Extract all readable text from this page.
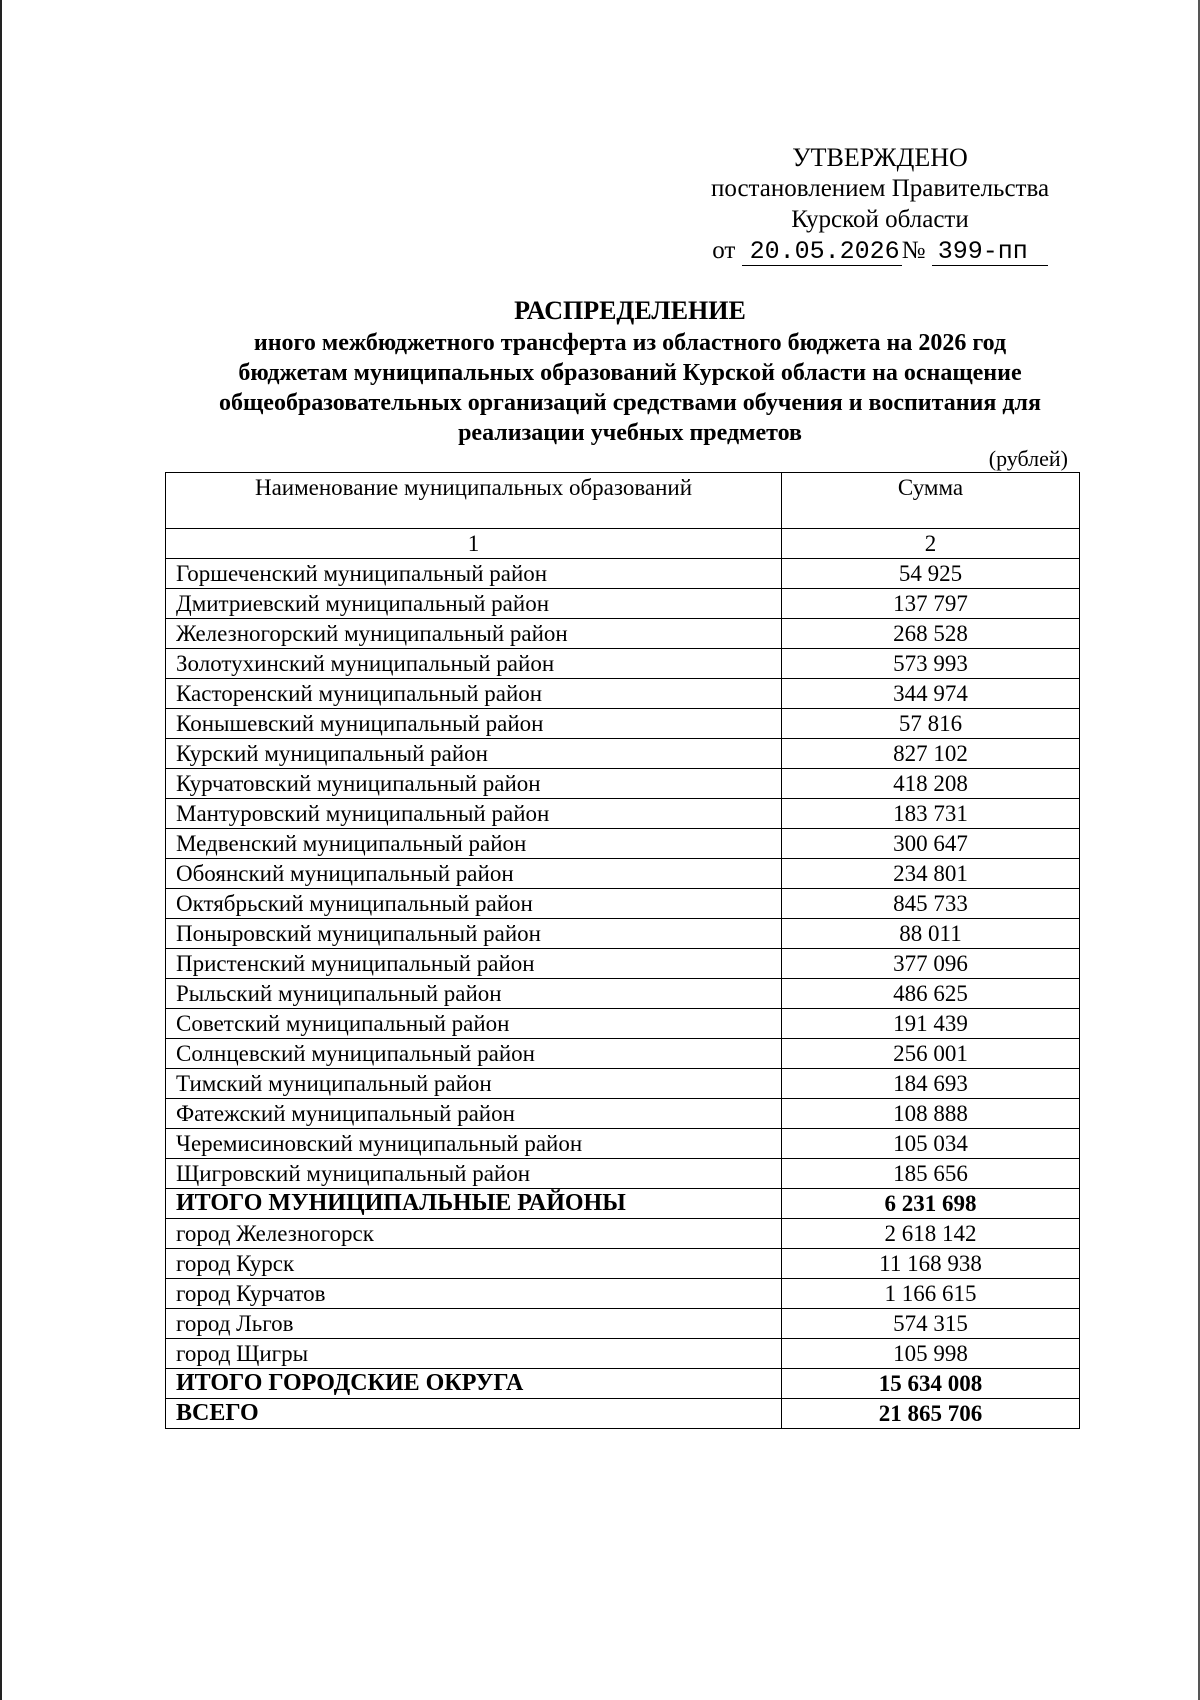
УТВЕРЖДЕНО
постановлением Правительства
Курской области
от 20.05.2026№ 399-пп
РАСПРЕДЕЛЕНИЕ
иного межбюджетного трансферта из областного бюджета на 2026 год
бюджетам муниципальных образований Курской области на оснащение
общеобразовательных организаций средствами обучения и воспитания для
реализации учебных предметов
(рублей)
Наименование муниципальных образований	Сумма
1	2
Горшеченский муниципальный район	54 925
Дмитриевский муниципальный район	137 797
Железногорский муниципальный район	268 528
Золотухинский муниципальный район	573 993
Касторенский муниципальный район	344 974
Конышевский муниципальный район	57 816
Курский муниципальный район	827 102
Курчатовский муниципальный район	418 208
Мантуровский муниципальный район	183 731
Медвенский муниципальный район	300 647
Обоянский муниципальный район	234 801
Октябрьский муниципальный район	845 733
Поныровский муниципальный район	88 011
Пристенский муниципальный район	377 096
Рыльский муниципальный район	486 625
Советский муниципальный район	191 439
Солнцевский муниципальный район	256 001
Тимский муниципальный район	184 693
Фатежский муниципальный район	108 888
Черемисиновский муниципальный район	105 034
Щигровский муниципальный район	185 656
ИТОГО МУНИЦИПАЛЬНЫЕ РАЙОНЫ	6 231 698
город Железногорск	2 618 142
город Курск	11 168 938
город Курчатов	1 166 615
город Льгов	574 315
город Щигры	105 998
ИТОГО ГОРОДСКИЕ ОКРУГА	15 634 008
ВСЕГО	21 865 706
